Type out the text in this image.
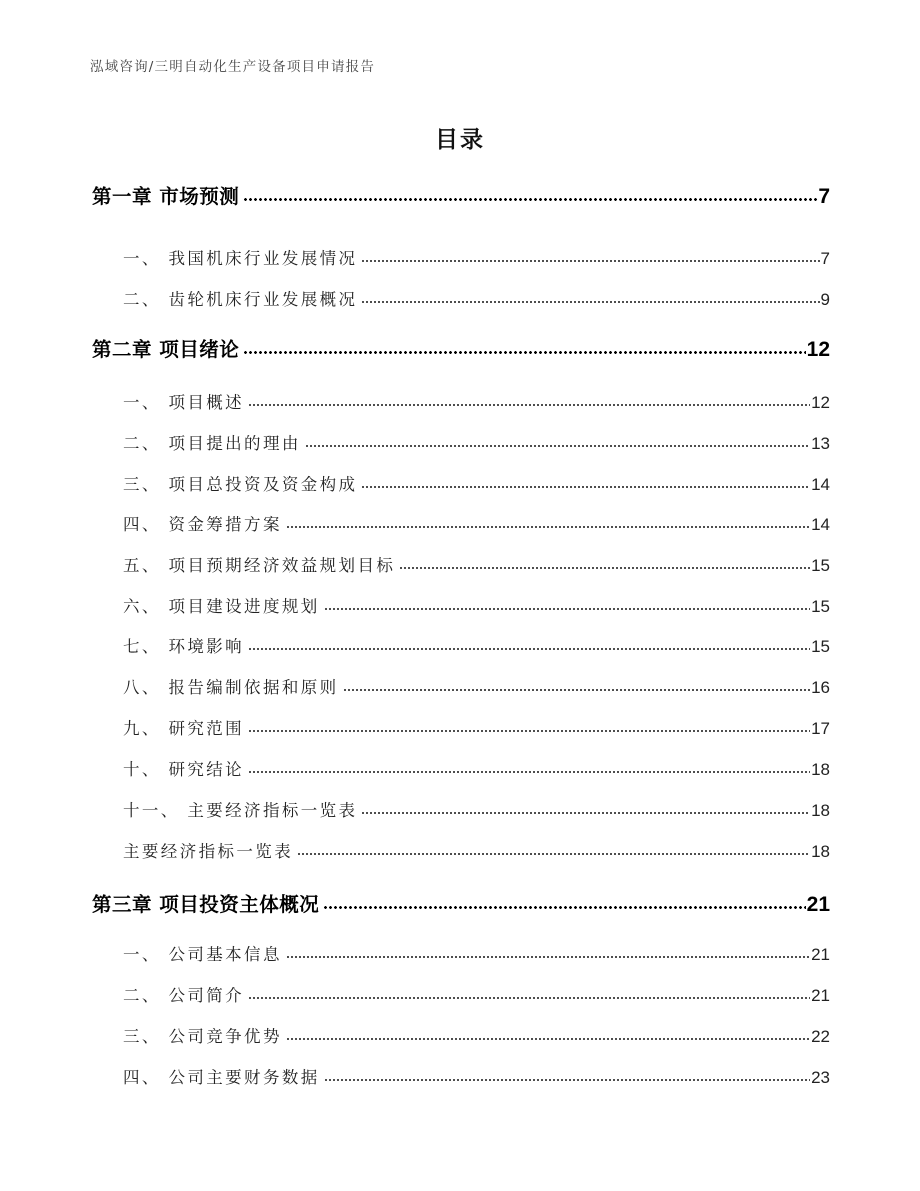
泓域咨询/三明自动化生产设备项目申请报告
目录
第一章 市场预测	7
一、 我国机床行业发展情况	7
二、 齿轮机床行业发展概况	9
第二章 项目绪论	12
一、 项目概述	12
二、 项目提出的理由	13
三、 项目总投资及资金构成	14
四、 资金筹措方案	14
五、 项目预期经济效益规划目标	15
六、 项目建设进度规划	15
七、 环境影响	15
八、 报告编制依据和原则	16
九、 研究范围	17
十、 研究结论	18
十一、 主要经济指标一览表	18
主要经济指标一览表	18
第三章 项目投资主体概况	21
一、 公司基本信息	21
二、 公司简介	21
三、 公司竞争优势	22
四、 公司主要财务数据	23
